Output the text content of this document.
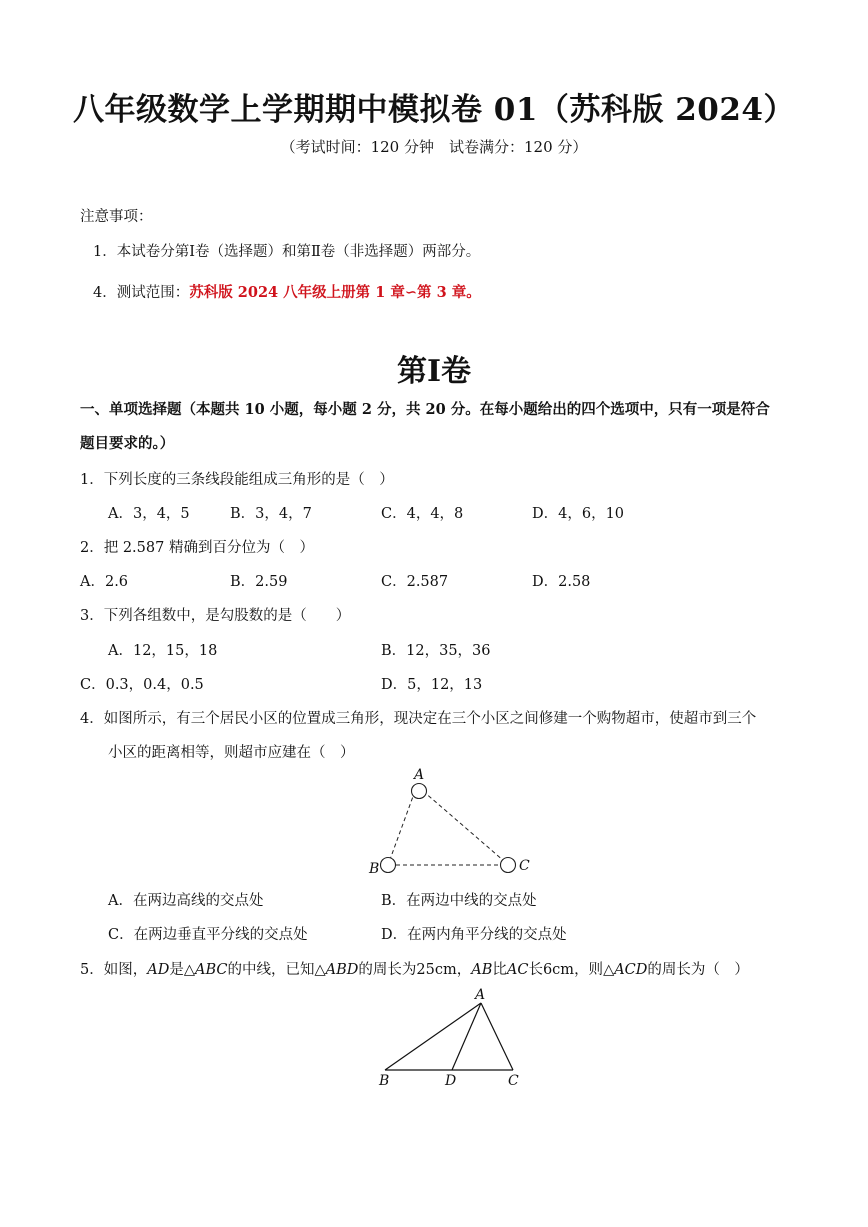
八年级数学上学期期中模拟卷 01（苏科版 2024）
（考试时间：120 分钟　试卷满分：120 分）
注意事项：
1．本试卷分第Ⅰ卷（选择题）和第Ⅱ卷（非选择题）两部分。
4．测试范围：苏科版 2024 八年级上册第 1 章∽第 3 章。
第Ⅰ卷
一、单项选择题（本题共 10 小题，每小题 2 分，共 20 分。在每小题给出的四个选项中，只有一项是符合
题目要求的。）
1．下列长度的三条线段能组成三角形的是（　）
A．3，4，5	B．3，4，7	C．4，4，8	D．4，6，10
2．把 2.587 精确到百分位为（　）
A．2.6	B．2.59	C．2.587	D．2.58
3．下列各组数中，是勾股数的是（　　）
A．12，15，18	B．12，35，36
C．0.3，0.4，0.5	D．5，12，13
4．如图所示，有三个居民小区的位置成三角形，现决定在三个小区之间修建一个购物超市，使超市到三个
小区的距离相等，则超市应建在（　）
A
B	C
A．在两边高线的交点处	B．在两边中线的交点处
C．在两边垂直平分线的交点处	D．在两内角平分线的交点处
5．如图，AD是△ABC的中线，已知△ABD的周长为25cm，AB比AC长6cm，则△ACD的周长为（　）
A
B	D	C
